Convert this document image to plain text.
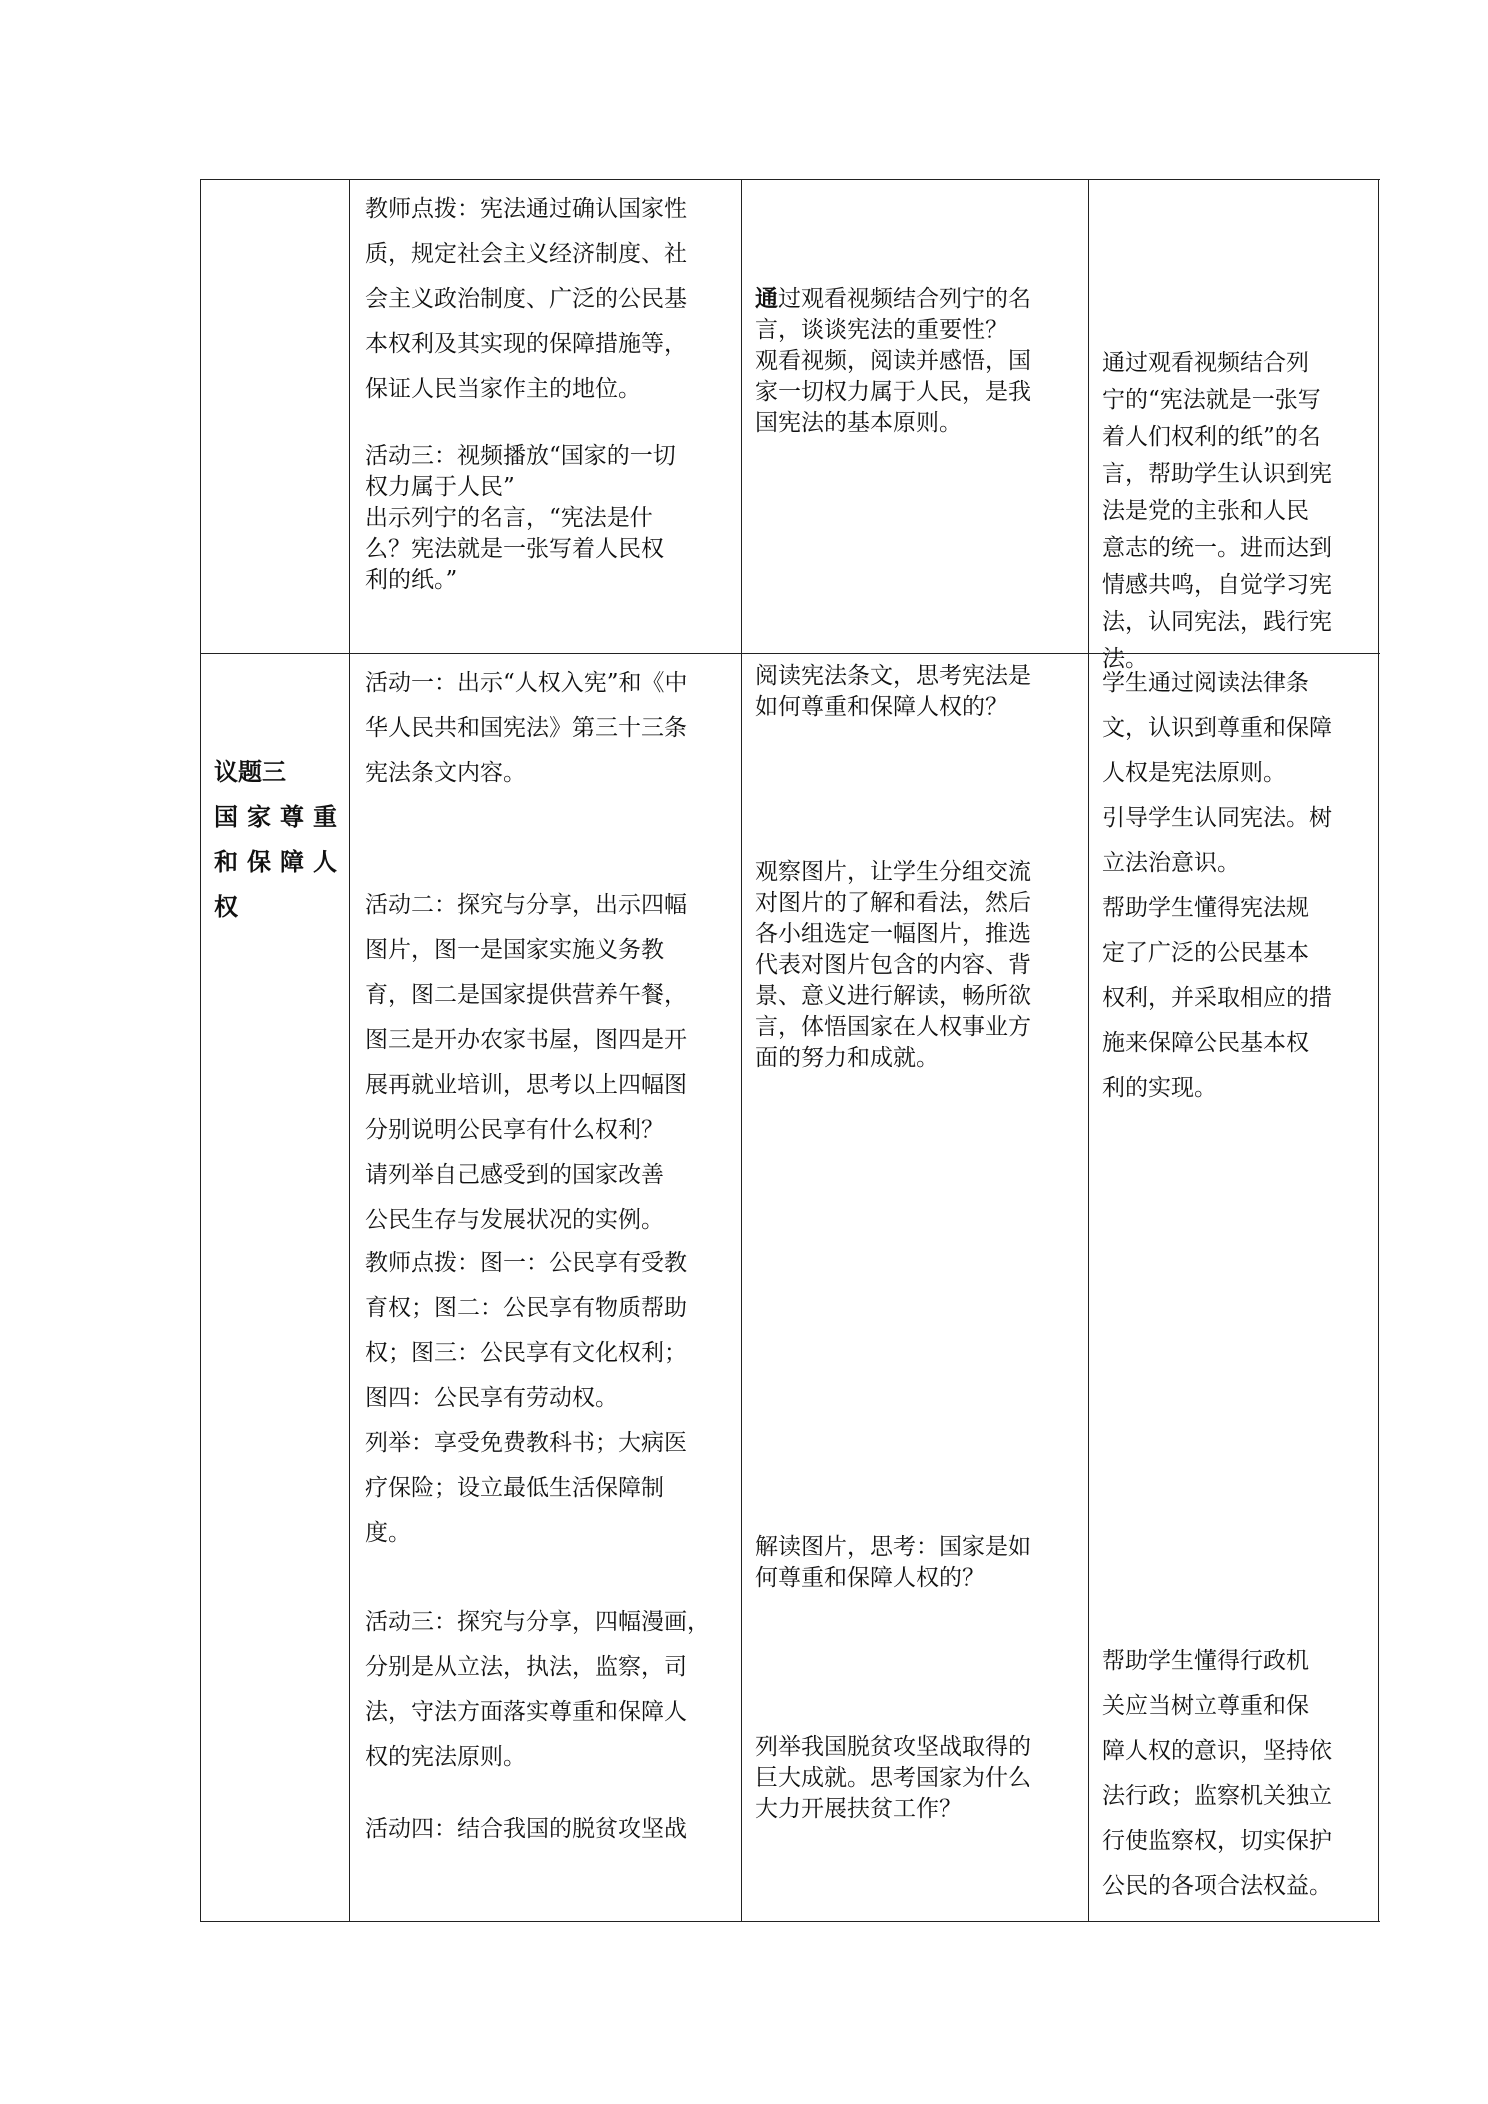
教师点拨：宪法通过确认国家性
质，规定社会主义经济制度、社
会主义政治制度、广泛的公民基
本权利及其实现的保障措施等，
保证人民当家作主的地位。
活动三：视频播放“国家的一切
权力属于人民”
出示列宁的名言，“宪法是什
么？宪法就是一张写着人民权
利的纸。”
通过观看视频结合列宁的名
言，谈谈宪法的重要性？
观看视频，阅读并感悟，国
家一切权力属于人民，是我
国宪法的基本原则。
通过观看视频结合列
宁的“宪法就是一张写
着人们权利的纸”的名
言，帮助学生认识到宪
法是党的主张和人民
意志的统一。进而达到
情感共鸣，自觉学习宪
法，认同宪法，践行宪
法。
议题三
国家尊重
和保障人
权
活动一：出示“人权入宪”和《中
华人民共和国宪法》第三十三条
宪法条文内容。
活动二：探究与分享，出示四幅
图片，图一是国家实施义务教
育，图二是国家提供营养午餐，
图三是开办农家书屋，图四是开
展再就业培训，思考以上四幅图
分别说明公民享有什么权利？
请列举自己感受到的国家改善
公民生存与发展状况的实例。
教师点拨：图一：公民享有受教
育权；图二：公民享有物质帮助
权；图三：公民享有文化权利；
图四：公民享有劳动权。
列举：享受免费教科书；大病医
疗保险；设立最低生活保障制
度。
活动三：探究与分享，四幅漫画，
分别是从立法，执法，监察，司
法，守法方面落实尊重和保障人
权的宪法原则。
活动四：结合我国的脱贫攻坚战
阅读宪法条文，思考宪法是
如何尊重和保障人权的？
观察图片，让学生分组交流
对图片的了解和看法，然后
各小组选定一幅图片，推选
代表对图片包含的内容、背
景、意义进行解读，畅所欲
言，体悟国家在人权事业方
面的努力和成就。
解读图片，思考：国家是如
何尊重和保障人权的？
列举我国脱贫攻坚战取得的
巨大成就。思考国家为什么
大力开展扶贫工作？
学生通过阅读法律条
文，认识到尊重和保障
人权是宪法原则。
引导学生认同宪法。树
立法治意识。
帮助学生懂得宪法规
定了广泛的公民基本
权利，并采取相应的措
施来保障公民基本权
利的实现。
帮助学生懂得行政机
关应当树立尊重和保
障人权的意识，坚持依
法行政；监察机关独立
行使监察权，切实保护
公民的各项合法权益。
